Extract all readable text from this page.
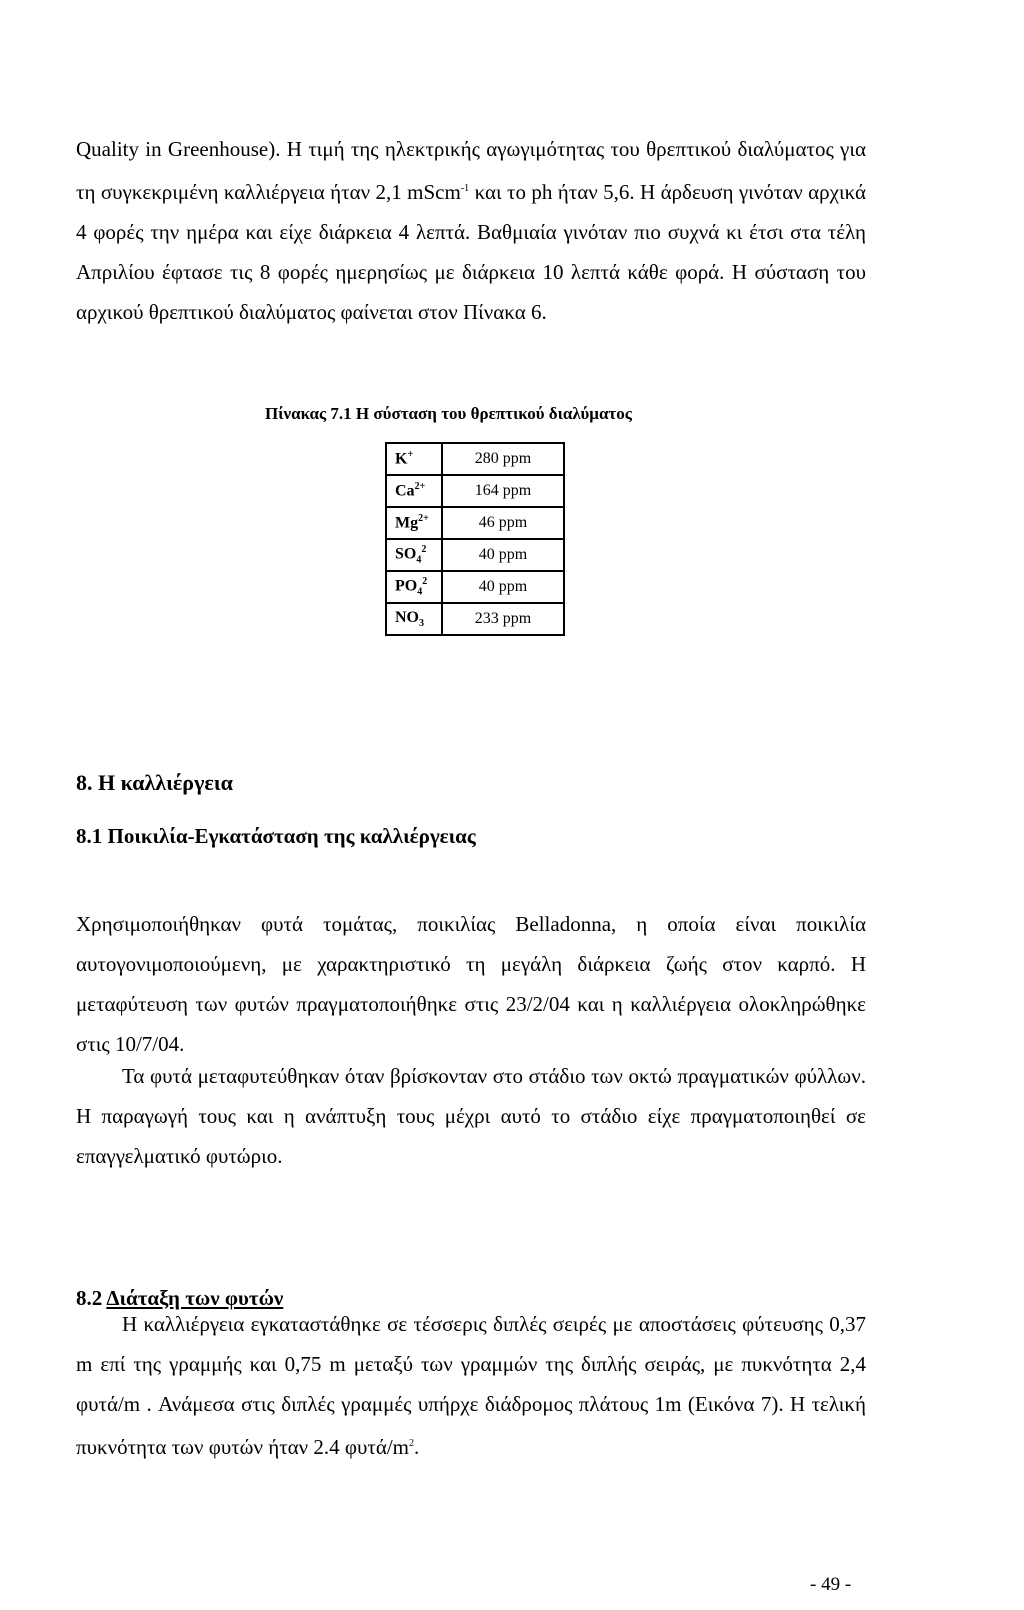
Quality in Greenhouse). Η τιμή της ηλεκτρικής αγωγιμότητας του θρεπτικού διαλύματος για τη συγκεκριμένη καλλιέργεια ήταν 2,1 mScm$^{-1}$ και το ph ήταν 5,6. Η άρδευση γινόταν αρχικά 4 φορές την ημέρα και είχε διάρκεια 4 λεπτά. Βαθμιαία γινόταν πιο συχνά κι έτσι στα τέλη Απριλίου έφτασε τις 8 φορές ημερησίως με διάρκεια 10 λεπτά κάθε φορά. Η σύσταση του αρχικού θρεπτικού διαλύματος φαίνεται στον Πίνακα 6.

Πίνακας 7.1 Η σύσταση του θρεπτικού διαλύματος

K+	280 ppm
$Ca^{2+}$	164 ppm
$Mg^{2+}$	46 ppm
$SO_4^2$	40 ppm
$PO_4^2$	40 ppm
$NO_3$	233 ppm
8. Η καλλιέργεια
8.1 Ποικιλία-Εγκατάσταση της καλλιέργειας

Χρησιμοποιήθηκαν φυτά τομάτας, ποικιλίας Belladonna, η οποία είναι ποικιλία αυτογονιμοποιούμενη, με χαρακτηριστικό τη μεγάλη διάρκεια ζωής στον καρπό. Η μεταφύτευση των φυτών πραγματοποιήθηκε στις 23/2/04 και η καλλιέργεια ολοκληρώθηκε στις 10/7/04.

Τα φυτά μεταφυτεύθηκαν όταν βρίσκονταν στο στάδιο των οκτώ πραγματικών φύλλων. Η παραγωγή τους και η ανάπτυξη τους μέχρι αυτό το στάδιο είχε πραγματοποιηθεί σε επαγγελματικό φυτώριο.

8.2 Διάταξη των φυτών

Η καλλιέργεια εγκαταστάθηκε σε τέσσερις διπλές σειρές με αποστάσεις φύτευσης 0,37 m επί της γραμμής και 0,75 m μεταξύ των γραμμών της διπλής σειράς, με πυκνότητα 2,4 φυτά/m . Ανάμεσα στις διπλές γραμμές υπήρχε διάδρομος πλάτους 1m (Εικόνα 7). Η τελική πυκνότητα των φυτών ήταν 2.4 φυτά/$m^2$.

- 49 -
